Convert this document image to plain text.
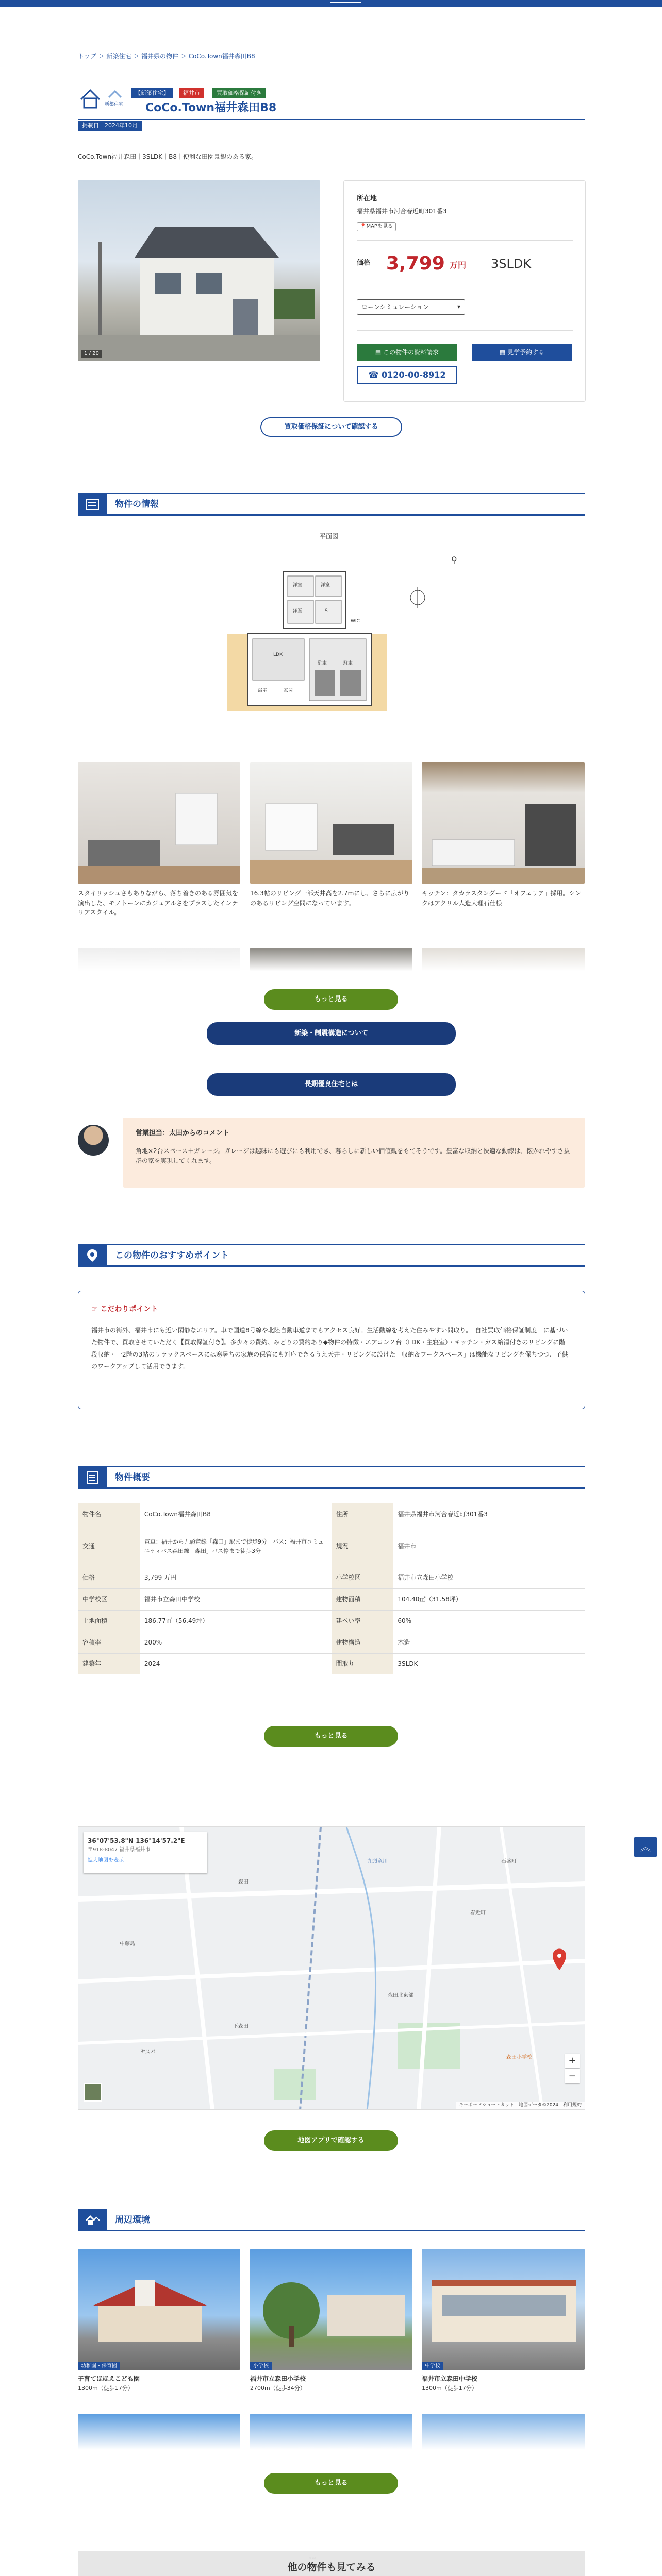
トップ ＞ 新築住宅 ＞ 福井県の物件 ＞ CoCo.Town福井森田B8
新築住宅
【新築住宅】	福井市	買取価格保証付き
CoCo.Town福井森田B8
掲載日｜2024年10月
CoCo.Town福井森田｜3SLDK｜B8｜便利な田園景観のある家。
1 / 20
所在地
福井県福井市河合春近町301番3
📍MAPを見る
価格 3,799 万円 3SLDK
ローンシミュレーション	▾
▤ この物件の資料請求	▦ 見学予約する
☎ 0120-00-8912
買取価格保証について確認する
物件の情報
平面図
⚲
LDK
洋室	洋室
洋室	S
WIC
浴室	玄関
駐車	駐車
スタイリッシュさもありながら、落ち着きのある雰囲気を演出した、モノトーンにカジュアルさをプラスしたインテリアスタイル。
16.3帖のリビング一部天井高を2.7mにし、さらに広がりのあるリビング空間になっています。
キッチン：タカラスタンダード「オフェリア」採用。シンクはアクリル人造大理石仕様
もっと見る
新築・制震構造について
長期優良住宅とは
営業担当：太田からのコメント
角地×2台スペース＋ガレージ。ガレージは趣味にも遊びにも利用でき、暮らしに新しい価値観をもてそうです。豊富な収納と快適な動線は、懐かれやすさ抜群の家を実現してくれます。
この物件のおすすめポイント
☞ こだわりポイント
福井市の街外、福井市にも近い閑静なエリア。車で国道8号線や北陸自動車道までもアクセス良好。生活動線を考えた住みやすい間取り。「自社買取価格保証制度」に基づいた物件で、買取させていただく【買取保証付き】。多少々の費約、みどりの費約あり◆物件の特徴・エアコン２台（LDK・主寝室）・キッチン・ガス給湯付きのリビングに階段収納・一2階の3帖のリラックスペースには寒暑ちの家族の保管にも対応できるうえ天井・リビングに設けた「収納＆ワークスペース」は機能なリビングを保ちつつ、子供のワークアップして活用できます。
物件概要
物件名	CoCo.Town福井森田B8	住所	福井県福井市河合春近町301番3
交通	電車：福井から九頭竜線「森田」駅まで徒歩9分　バス：福井市コミュニティバス森田線「森田」バス停まで徒歩3分	規況	福井市
価格	3,799 万円	小学校区	福井市立森田小学校
中学校区	福井市立森田中学校	建物面積	104.40㎡（31.58坪）
土地面積	186.77㎡（56.49坪）	建ぺい率	60%
容積率	200%	建物構造	木造
建築年	2024	間取り	3SLDK
もっと見る
36°07'53.8"N 136°14'57.2"E
〒918-8047 福井県福井市
拡大地図を表示
森田
春近町
中藤島
九頭竜川
森田北東部
石盛町
ヤスバ
下森田
森田小学校	+
−
キーボードショートカット　地図データ©2024　利用規約
地図アプリで確認する
周辺環境
幼稚園・保育園	小学校	中学校
子育てほほえこども園
1300m（徒歩17分）
福井市立森田小学校
2700m（徒歩34分）
福井市立森田中学校
1300m（徒歩17分）
もっと見る
他の物件も見てみる
物件情報・土地を売る・買う
︽
